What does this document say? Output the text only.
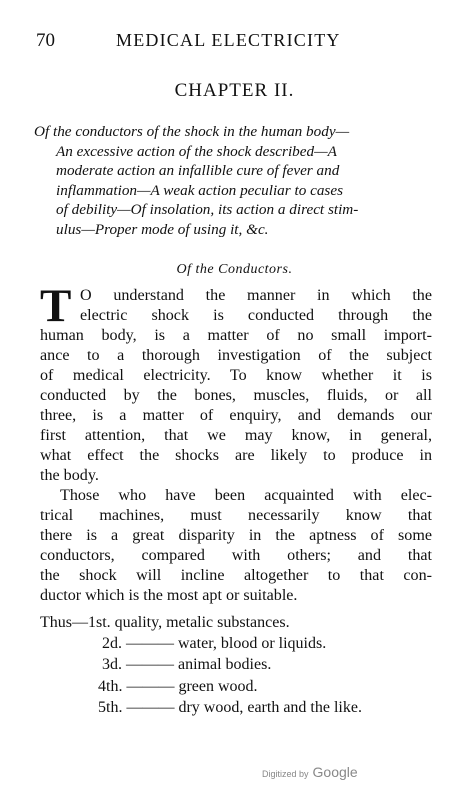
70	MEDICAL ELECTRICITY
CHAPTER II.
Of the conductors of the shock in the human body—
An excessive action of the shock described—A
moderate action an infallible cure of fever and
inflammation—A weak action peculiar to cases
of debility—Of insolation, its action a direct stim-
ulus—Proper mode of using it, &c.
Of the Conductors.
T O understand the manner in which the
electric shock is conducted through the
human body, is a matter of no small import-
ance to a thorough investigation of the subject
of medical electricity. To know whether it is
conducted by the bones, muscles, fluids, or all
three, is a matter of enquiry, and demands our
first attention, that we may know, in general,
what effect the shocks are likely to produce in
the body.
Those who have been acquainted with elec-
trical machines, must necessarily know that
there is a great disparity in the aptness of some
conductors, compared with others; and that
the shock will incline altogether to that con-
ductor which is the most apt or suitable.
Thus—1st. quality, metalic substances.
2d. ——— water, blood or liquids.
3d. ——— animal bodies.
4th. ——— green wood.
5th. ——— dry wood, earth and the like.
Digitized by Google
